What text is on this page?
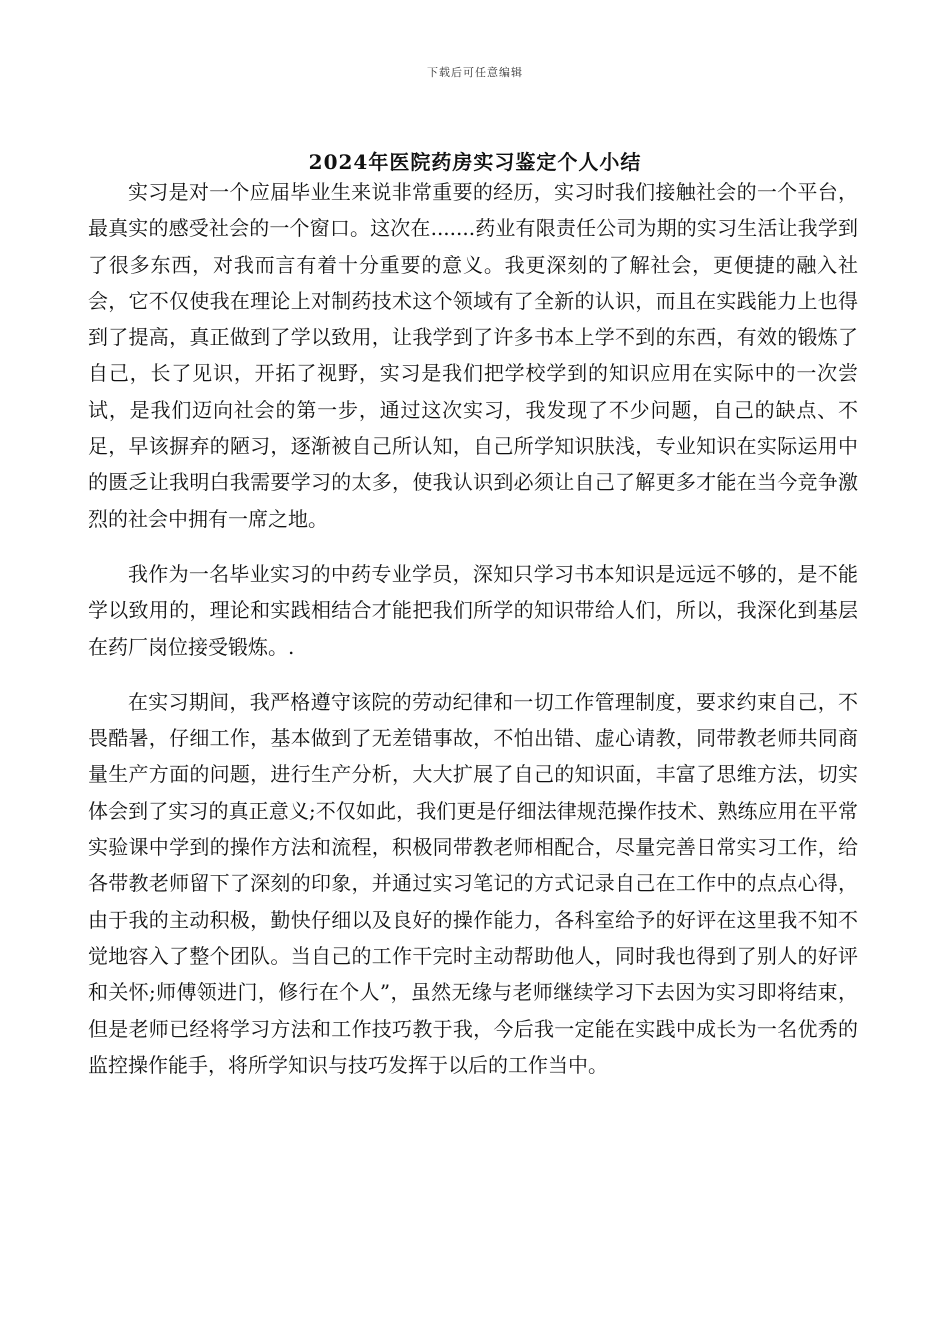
下载后可任意编辑
2024年医院药房实习鉴定个人小结

实习是对一个应届毕业生来说非常重要的经历，实习时我们接触社会的一个平台，最真实的感受社会的一个窗口。这次在.......药业有限责任公司为期的实习生活让我学到了很多东西，对我而言有着十分重要的意义。我更深刻的了解社会，更便捷的融入社会，它不仅使我在理论上对制药技术这个领域有了全新的认识，而且在实践能力上也得到了提高，真正做到了学以致用，让我学到了许多书本上学不到的东西，有效的锻炼了自己，长了见识，开拓了视野，实习是我们把学校学到的知识应用在实际中的一次尝试，是我们迈向社会的第一步，通过这次实习，我发现了不少问题，自己的缺点、不足，早该摒弃的陋习，逐渐被自己所认知，自己所学知识肤浅，专业知识在实际运用中的匮乏让我明白我需要学习的太多，使我认识到必须让自己了解更多才能在当今竞争激烈的社会中拥有一席之地。

我作为一名毕业实习的中药专业学员，深知只学习书本知识是远远不够的，是不能学以致用的，理论和实践相结合才能把我们所学的知识带给人们，所以，我深化到基层在药厂岗位接受锻炼。.

在实习期间，我严格遵守该院的劳动纪律和一切工作管理制度，要求约束自己，不畏酷暑，仔细工作，基本做到了无差错事故，不怕出错、虚心请教，同带教老师共同商量生产方面的问题，进行生产分析，大大扩展了自己的知识面，丰富了思维方法，切实体会到了实习的真正意义;不仅如此，我们更是仔细法律规范操作技术、熟练应用在平常实验课中学到的操作方法和流程，积极同带教老师相配合，尽量完善日常实习工作，给各带教老师留下了深刻的印象，并通过实习笔记的方式记录自己在工作中的点点心得，由于我的主动积极，勤快仔细以及良好的操作能力，各科室给予的好评在这里我不知不觉地容入了整个团队。当自己的工作干完时主动帮助他人，同时我也得到了别人的好评和关怀;师傅领进门，修行在个人”，虽然无缘与老师继续学习下去因为实习即将结束，但是老师已经将学习方法和工作技巧教于我，今后我一定能在实践中成长为一名优秀的监控操作能手，将所学知识与技巧发挥于以后的工作当中。
